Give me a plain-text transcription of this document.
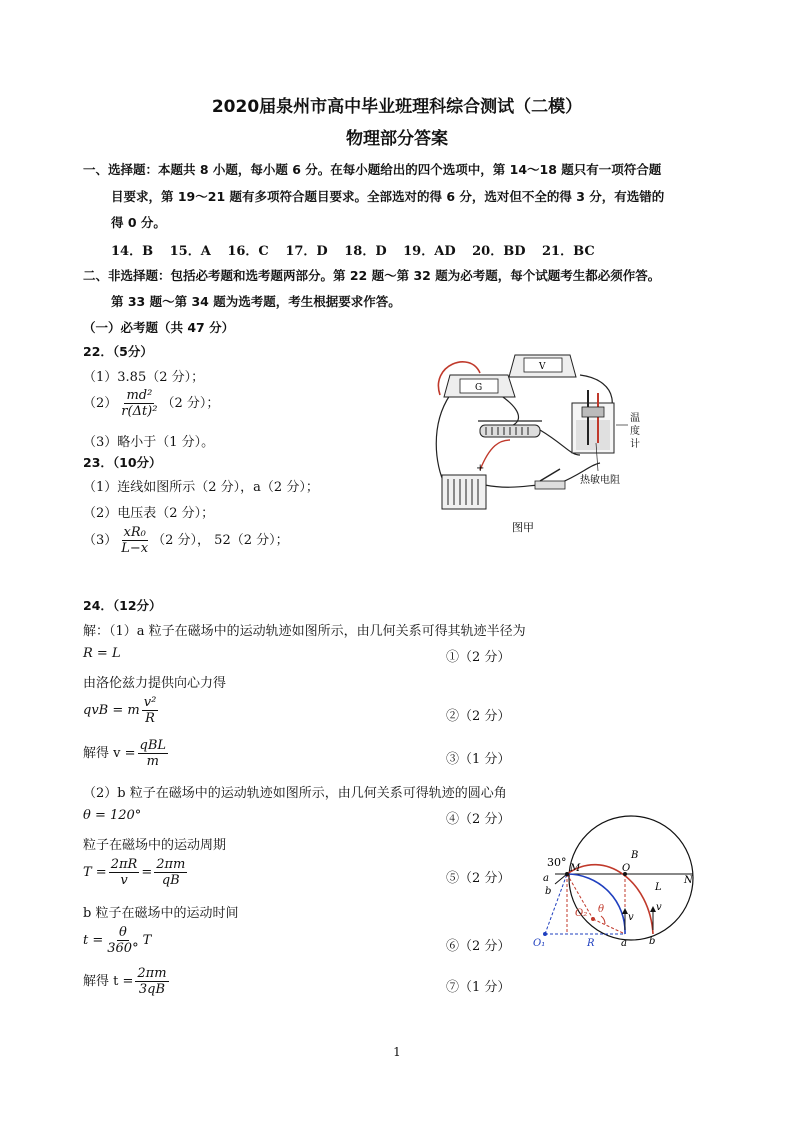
2020届泉州市高中毕业班理科综合测试（二模）
物理部分答案
一、选择题：本题共 8 小题，每小题 6 分。在每小题给出的四个选项中，第 14～18 题只有一项符合题
目要求，第 19～21 题有多项符合题目要求。全部选对的得 6 分，选对但不全的得 3 分，有选错的
得 0 分。
14．B 15．A 16．C 17．D 18．D 19．AD 20．BD 21．BC
二、非选择题：包括必考题和选考题两部分。第 22 题～第 32 题为必考题，每个试题考生都必须作答。
第 33 题～第 34 题为选考题，考生根据要求作答。
（一）必考题（共 47 分）
22．（5分）
（1）3.85（2 分）；
$(2) \frac{\text{md²}}{\text{r(Δt)²}} (2$ 分）；
（3）略小于（1 分）。
23．（10分）
（1）连线如图所示（2 分），a（2 分）；
（2）电压表（2 分）；
$(3) \frac{\text{xR₀}}{L-x} (2$ 分）， 52（2 分）；
G
V
温
度
计
热敏电阻
+
图甲
24．（12分）
解：（1）a 粒子在磁场中的运动轨迹如图所示，由几何关系可得其轨迹半径为
R = L	①（2 分）
由洛伦兹力提供向心力得
qvB = m $\frac{\text{v²}}{R}$	②（2 分）
解得 $v = \frac{\text{qBL}}{m}$	③（1 分）
（2）b 粒子在磁场中的运动轨迹如图所示，由几何关系可得轨迹的圆心角
θ = 120°	④（2 分）
粒子在磁场中的运动周期
$T = \frac{2\pi R}{v} = \frac{2\pi m}{qB}$	⑤（2 分）
b 粒子在磁场中的运动时间
$t = \frac{\theta}{360^\circ}$ T	⑥（2 分）
解得 $t = \frac{2\pi m}{3qB}$	⑦（1 分）
30° M	O
N
B
L
a
b
O₂ θ
v
v
O₁	R	a b
1
